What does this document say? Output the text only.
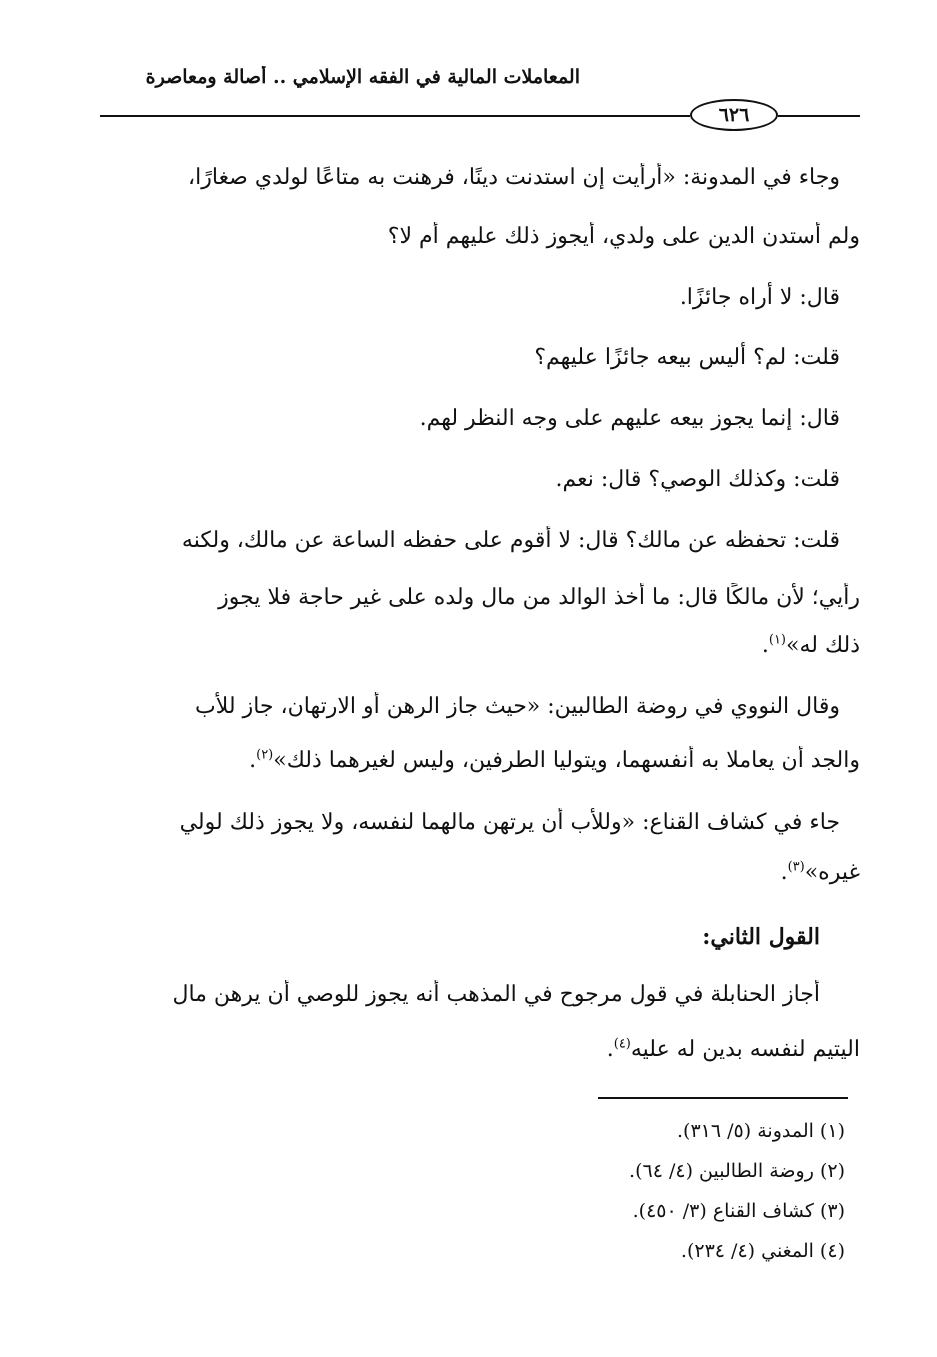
المعاملات المالية في الفقه الإسلامي .. أصالة ومعاصرة
٦٢٦
وجاء في المدونة: «أرأيت إن استدنت دينًا، فرهنت به متاعًا لولدي صغارًا،
ولم أستدن الدين على ولدي، أيجوز ذلك عليهم أم لا؟
قال: لا أراه جائزًا.
قلت: لم؟ أليس بيعه جائزًا عليهم؟
قال: إنما يجوز بيعه عليهم على وجه النظر لهم.
قلت: وكذلك الوصي؟ قال: نعم.
قلت: تحفظه عن مالك؟ قال: لا أقوم على حفظه الساعة عن مالك، ولكنه
رأيي؛ لأن مالكًا قال: ما أخذ الوالد من مال ولده على غير حاجة فلا يجوز
ذلك له»$^{(١)}$.
وقال النووي في روضة الطالبين: «حيث جاز الرهن أو الارتهان، جاز للأب
والجد أن يعاملا به أنفسهما، ويتوليا الطرفين، وليس لغيرهما ذلك»$^{(٢)}$.
جاء في كشاف القناع: «وللأب أن يرتهن مالهما لنفسه، ولا يجوز ذلك لولي
غيره»$^{(٣)}$.
القول الثاني:
أجاز الحنابلة في قول مرجوح في المذهب أنه يجوز للوصي أن يرهن مال
اليتيم لنفسه بدين له عليه$^{(٤)}$.
(١) المدونة (٥/ ٣١٦).
(٢) روضة الطالبين (٤/ ٦٤).
(٣) كشاف القناع (٣/ ٤٥٠).
(٤) المغني (٤/ ٢٣٤).
